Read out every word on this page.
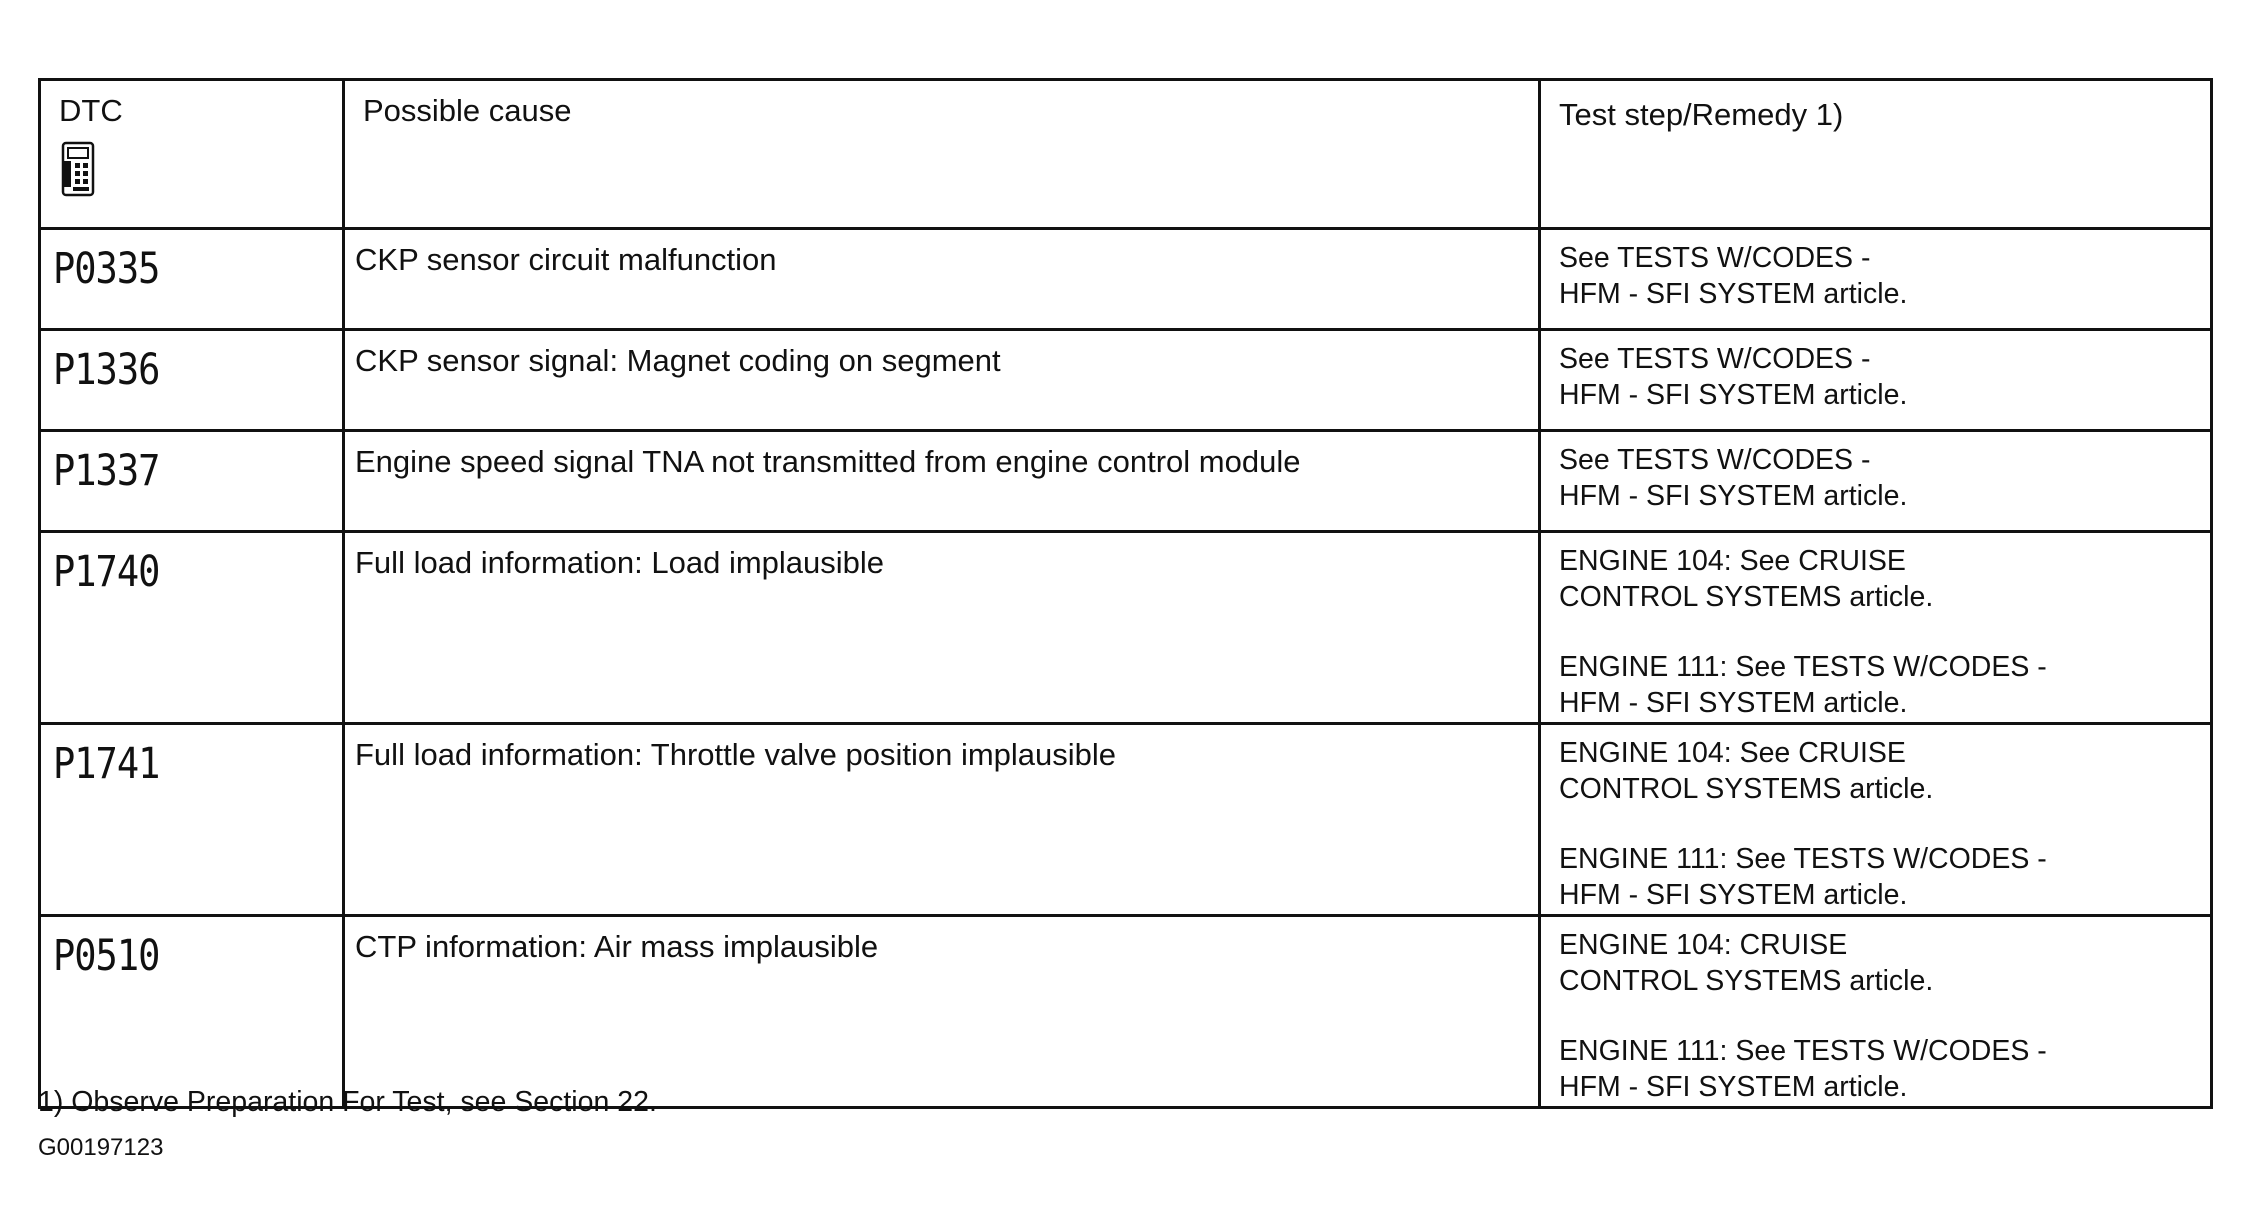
DTC	Possible cause	Test step/Remedy 1)
P0335	CKP sensor circuit malfunction	See TESTS W/CODES -
HFM - SFI SYSTEM article.

P1336	CKP sensor signal: Magnet coding on segment	See TESTS W/CODES -
HFM - SFI SYSTEM article.

P1337	Engine speed signal TNA not transmitted from engine control module	See TESTS W/CODES -
HFM - SFI SYSTEM article.

P1740	Full load information: Load implausible	ENGINE 104: See CRUISE
CONTROL SYSTEMS article.
ENGINE 111: See TESTS W/CODES -
HFM - SFI SYSTEM article.

P1741	Full load information: Throttle valve position implausible	ENGINE 104: See CRUISE
CONTROL SYSTEMS article.
ENGINE 111: See TESTS W/CODES -
HFM - SFI SYSTEM article.

P0510	CTP information: Air mass implausible	ENGINE 104: CRUISE
CONTROL SYSTEMS article.
ENGINE 111: See TESTS W/CODES -
HFM - SFI SYSTEM article.
1) Observe Preparation For Test, see Section 22.
G00197123
